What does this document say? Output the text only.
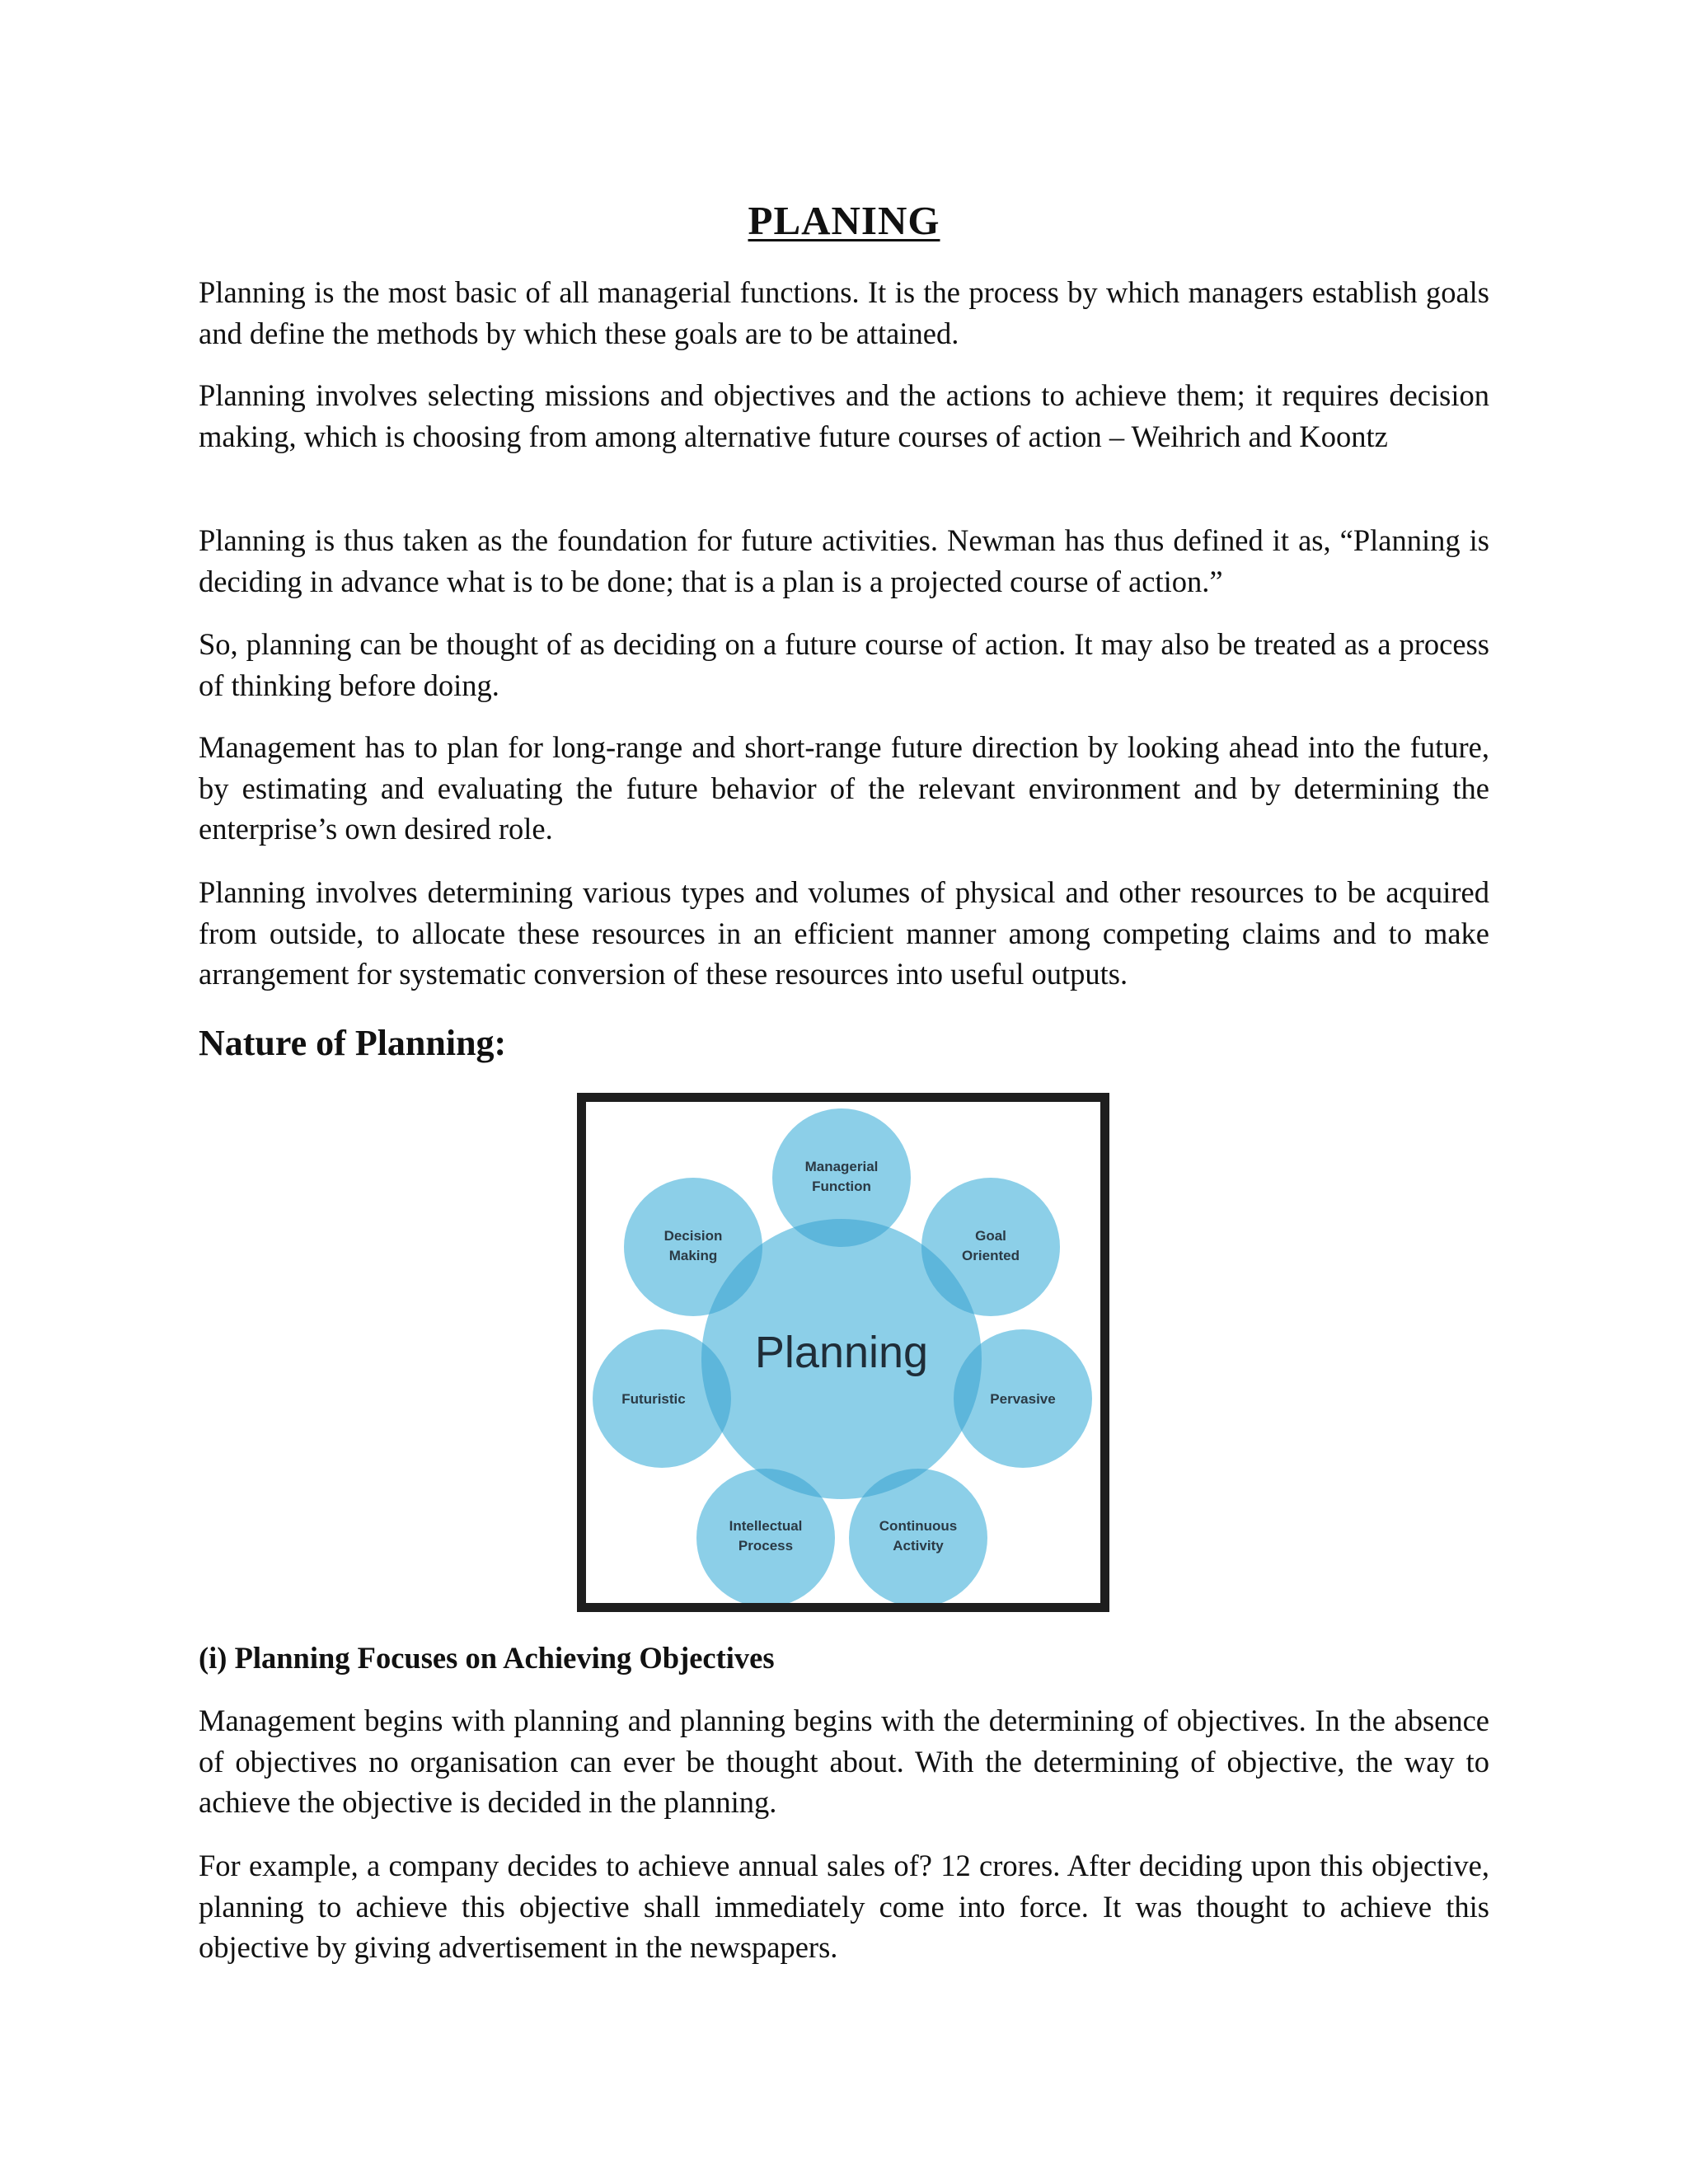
PLANING

Planning is the most basic of all managerial functions. It is the process by which managers establish goals and define the methods by which these goals are to be attained.

Planning involves selecting missions and objectives and the actions to achieve them; it requires decision making, which is choosing from among alternative future courses of action – Weihrich and Koontz

Planning is thus taken as the foundation for future activities. Newman has thus defined it as, “Planning is deciding in advance what is to be done; that is a plan is a projected course of action.”

So, planning can be thought of as deciding on a future course of action. It may also be treated as a process of thinking before doing.

Management has to plan for long-range and short-range future direction by looking ahead into the future, by estimating and evaluating the future behavior of the relevant environment and by determining the enterprise’s own desired role.

Planning involves determining various types and volumes of physical and other resources to be acquired from outside, to allocate these resources in an efficient manner among competing claims and to make arrangement for systematic conversion of these resources into useful outputs.

Nature of Planning:
Planning
Managerial
Function
Goal
Oriented
Pervasive
Continuous
Activity
Intellectual
Process
Futuristic
Decision
Making
(i) Planning Focuses on Achieving Objectives

Management begins with planning and planning begins with the determining of objectives. In the absence of objectives no organisation can ever be thought about. With the determining of objective, the way to achieve the objective is decided in the planning.

For example, a company decides to achieve annual sales of? 12 crores. After deciding upon this objective, planning to achieve this objective shall immediately come into force. It was thought to achieve this objective by giving advertisement in the newspapers.
